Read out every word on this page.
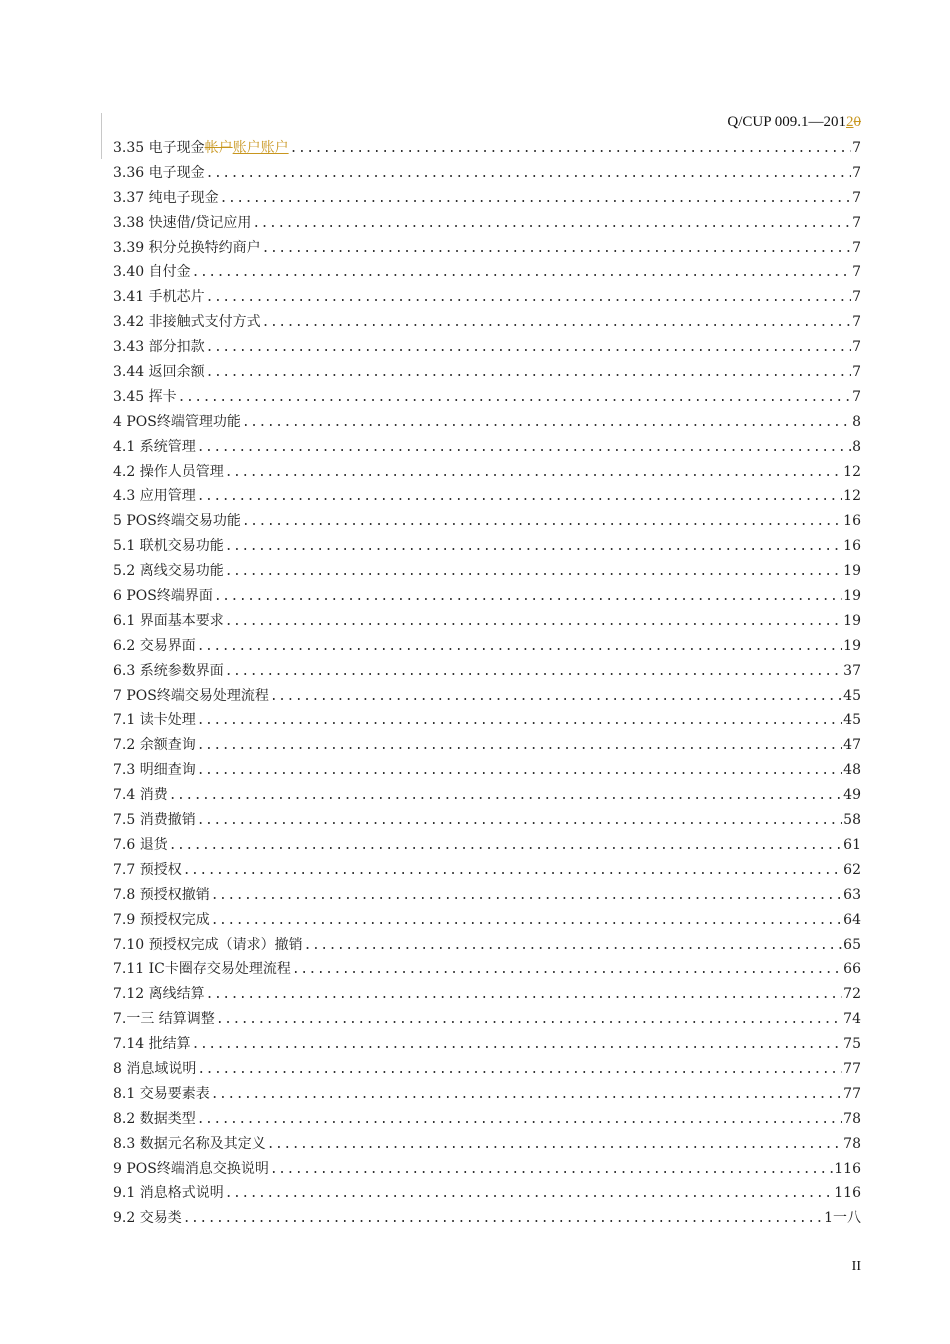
Q/CUP 009.1—20120
3.35 电子现金帐户账户账户 .....	7
3.36 电子现金 .....	7
3.37 纯电子现金 .....	7
3.38 快速借/贷记应用 .....	7
3.39 积分兑换特约商户 .....	7
3.40 自付金 .....	7
3.41 手机芯片 .....	7
3.42 非接触式支付方式 .....	7
3.43 部分扣款 .....	7
3.44 返回余额 .....	7
3.45 挥卡 .....	7
4 POS终端管理功能 .....	8
4.1 系统管理 .....	8
4.2 操作人员管理 .....	12
4.3 应用管理 .....	12
5 POS终端交易功能 .....	16
5.1 联机交易功能 .....	16
5.2 离线交易功能 .....	19
6 POS终端界面 .....	19
6.1 界面基本要求 .....	19
6.2 交易界面 .....	19
6.3 系统参数界面 .....	37
7 POS终端交易处理流程 .....	45
7.1 读卡处理 .....	45
7.2 余额查询 .....	47
7.3 明细查询 .....	48
7.4 消费 .....	49
7.5 消费撤销 .....	58
7.6 退货 .....	61
7.7 预授权 .....	62
7.8 预授权撤销 .....	63
7.9 预授权完成 .....	64
7.10 预授权完成（请求）撤销 .....	65
7.11 IC卡圈存交易处理流程 .....	66
7.12 离线结算 .....	72
7.一三 结算调整 .....	74
7.14 批结算 .....	75
8 消息域说明 .....	77
8.1 交易要素表 .....	77
8.2 数据类型 .....	78
8.3 数据元名称及其定义 .....	78
9 POS终端消息交换说明 .....	116
9.1 消息格式说明 .....	116
9.2 交易类 .....	1一八
II
